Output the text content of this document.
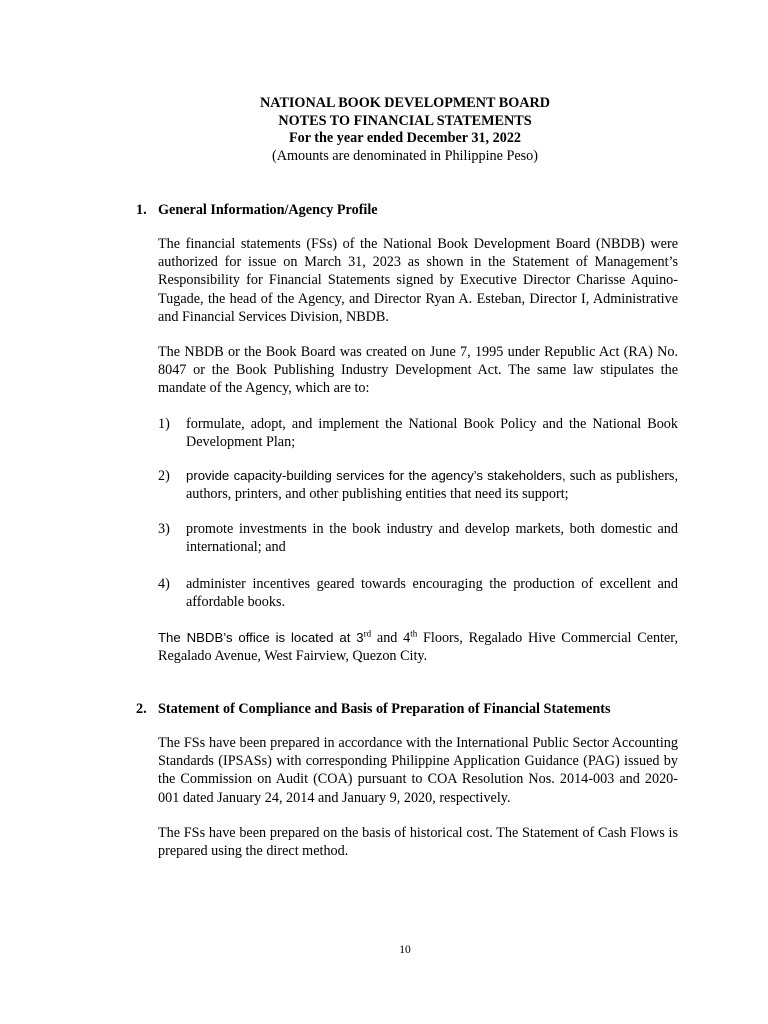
NATIONAL BOOK DEVELOPMENT BOARD
NOTES TO FINANCIAL STATEMENTS
For the year ended December 31, 2022
(Amounts are denominated in Philippine Peso)
1. General Information/Agency Profile
The financial statements (FSs) of the National Book Development Board (NBDB) were authorized for issue on March 31, 2023 as shown in the Statement of Management’s Responsibility for Financial Statements signed by Executive Director Charisse Aquino-Tugade, the head of the Agency, and Director Ryan A. Esteban, Director I, Administrative and Financial Services Division, NBDB.
The NBDB or the Book Board was created on June 7, 1995 under Republic Act (RA) No. 8047 or the Book Publishing Industry Development Act. The same law stipulates the mandate of the Agency, which are to:
1) formulate, adopt, and implement the National Book Policy and the National Book Development Plan;
2) provide capacity-building services for the agency’s stakeholders, such as publishers, authors, printers, and other publishing entities that need its support;
3) promote investments in the book industry and develop markets, both domestic and international; and
4) administer incentives geared towards encouraging the production of excellent and affordable books.
The NBDB’s office is located at 3rd and 4th Floors, Regalado Hive Commercial Center, Regalado Avenue, West Fairview, Quezon City.
2. Statement of Compliance and Basis of Preparation of Financial Statements
The FSs have been prepared in accordance with the International Public Sector Accounting Standards (IPSASs) with corresponding Philippine Application Guidance (PAG) issued by the Commission on Audit (COA) pursuant to COA Resolution Nos. 2014-003 and 2020-001 dated January 24, 2014 and January 9, 2020, respectively.
The FSs have been prepared on the basis of historical cost. The Statement of Cash Flows is prepared using the direct method.
10
